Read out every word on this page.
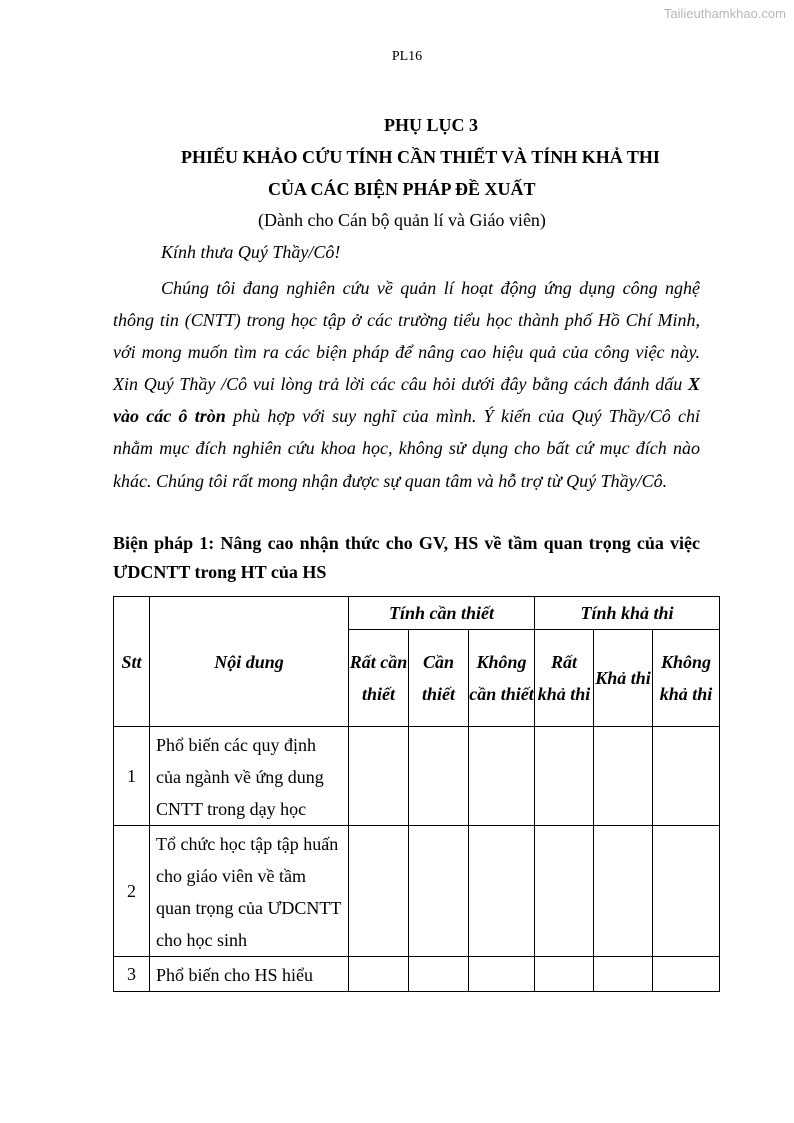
Tailieuthamkhao.com
PL16
PHỤ LỤC 3
PHIẾU KHẢO CỨU TÍNH CẦN THIẾT VÀ TÍNH KHẢ THI
CỦA CÁC BIỆN PHÁP ĐỀ XUẤT
(Dành cho Cán bộ quản lí và Giáo viên)
Kính thưa Quý Thầy/Cô!

Chúng tôi đang nghiên cứu về quản lí hoạt động ứng dụng công nghệ thông tin (CNTT) trong học tập ở các trường tiểu học thành phố Hồ Chí Minh, với mong muốn tìm ra các biện pháp để nâng cao hiệu quả của công việc này. Xin Quý Thầy /Cô vui lòng trả lời các câu hỏi dưới đây bằng cách đánh dấu X vào các ô tròn phù hợp với suy nghĩ của mình. Ý kiến của Quý Thầy/Cô chỉ nhằm mục đích nghiên cứu khoa học, không sử dụng cho bất cứ mục đích nào khác. Chúng tôi rất mong nhận được sự quan tâm và hỗ trợ từ Quý Thầy/Cô.

Biện pháp 1: Nâng cao nhận thức cho GV, HS về tầm quan trọng của việc ƯDCNTT trong HT của HS

Stt	Nội dung	Tính cần thiết			Tính khả thi		
		Rất cần thiết	Cần thiết	Không cần thiết	Rất khả thi	Khả thi	Không khả thi
1	Phổ biến các quy định của ngành về ứng dung CNTT trong dạy học						
2	Tổ chức học tập tập huấn cho giáo viên về tầm quan trọng của ƯDCNTT cho học sinh						
3	Phổ biến cho HS hiểu						
